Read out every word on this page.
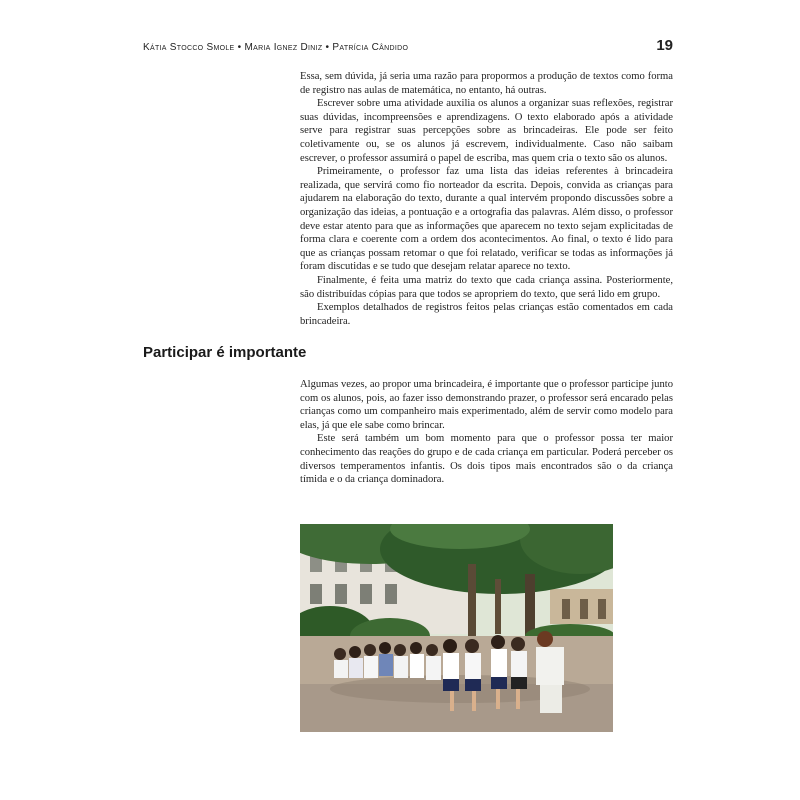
Kátia Stocco Smole • Maria Ignez Diniz • Patrícia Cândido	19

Essa, sem dúvida, já seria uma razão para propormos a produção de textos como forma de registro nas aulas de matemática, no entanto, há outras.

Escrever sobre uma atividade auxilia os alunos a organizar suas reflexões, registrar suas dúvidas, incompreensões e aprendizagens. O texto elaborado após a atividade serve para registrar suas percepções sobre as brincadeiras. Ele pode ser feito coletivamente ou, se os alunos já escrevem, individualmente. Caso não saibam escrever, o professor assumirá o papel de escriba, mas quem cria o texto são os alunos.

Primeiramente, o professor faz uma lista das ideias referentes à brincadeira realizada, que servirá como fio norteador da escrita. Depois, convida as crianças para ajudarem na elaboração do texto, durante a qual intervém propondo discussões sobre a organização das ideias, a pontuação e a ortografia das palavras. Além disso, o professor deve estar atento para que as informações que aparecem no texto sejam explicitadas de forma clara e coerente com a ordem dos acontecimentos. Ao final, o texto é lido para que as crianças possam retomar o que foi relatado, verificar se todas as informações já foram discutidas e se tudo que desejam relatar aparece no texto.

Finalmente, é feita uma matriz do texto que cada criança assina. Posteriormente, são distribuídas cópias para que todos se apropriem do texto, que será lido em grupo.

Exemplos detalhados de registros feitos pelas crianças estão comentados em cada brincadeira.

Participar é importante

Algumas vezes, ao propor uma brincadeira, é importante que o professor participe junto com os alunos, pois, ao fazer isso demonstrando prazer, o professor será encarado pelas crianças como um companheiro mais experimentado, além de servir como modelo para elas, já que ele sabe como brincar.

Este será também um bom momento para que o professor possa ter maior conhecimento das reações do grupo e de cada criança em particular. Poderá perceber os diversos temperamentos infantis. Os dois tipos mais encontrados são o da criança tímida e o da criança dominadora.
